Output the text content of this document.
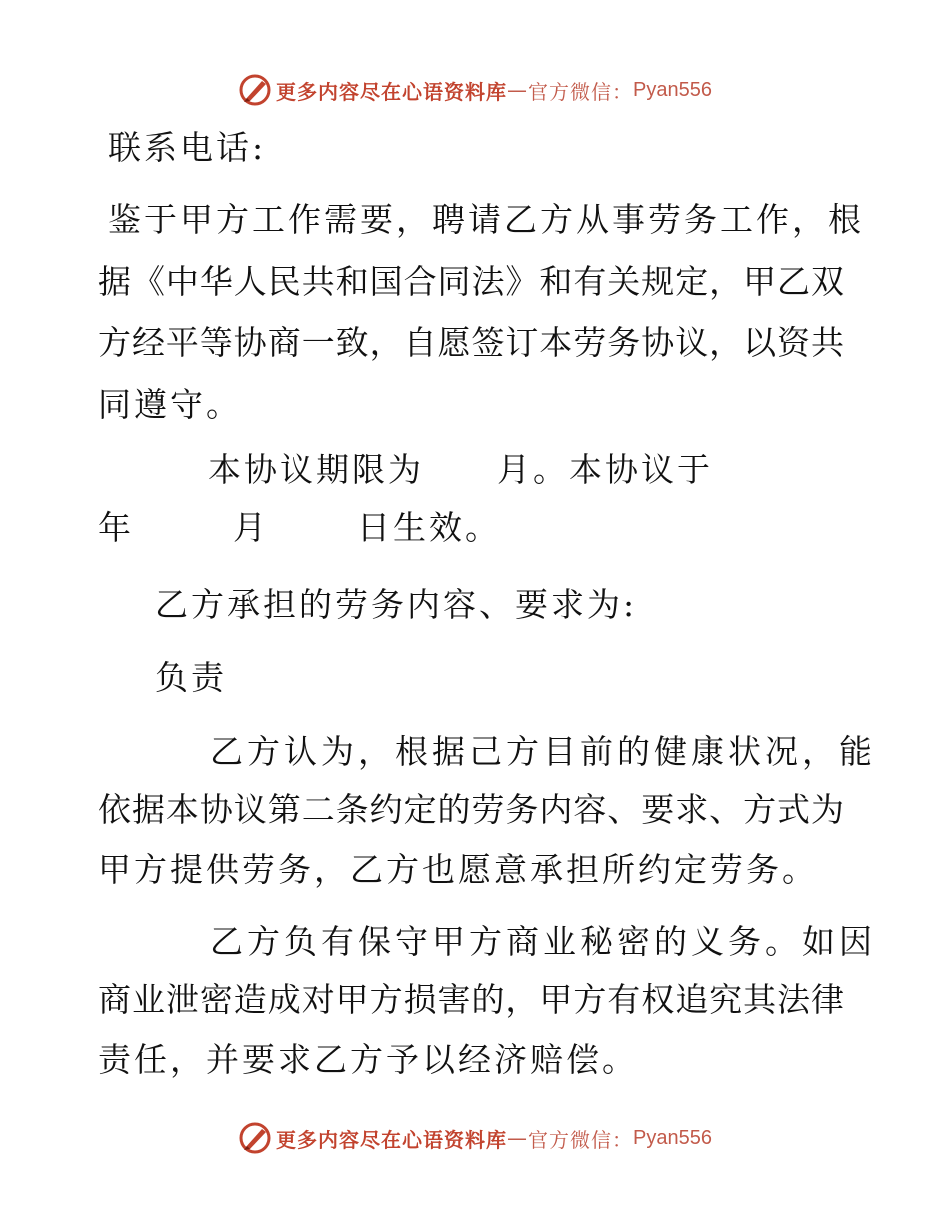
更多内容尽在心语资料库 — 官方微信： Pyan556
联系电话:
鉴于甲方工作需要，聘请乙方从事劳务工作，根
据《中华人民共和国合同法》和有关规定，甲乙双
方经平等协商一致，自愿签订本劳务协议，以资共
同遵守。
本协议期限为 月。本协议于
年	月	日生效。
乙方承担的劳务内容、要求为:
负责
乙方认为，根据己方目前的健康状况，能
依据本协议第二条约定的劳务内容、要求、方式为
甲方提供劳务，乙方也愿意承担所约定劳务。
乙方负有保守甲方商业秘密的义务。如因
商业泄密造成对甲方损害的，甲方有权追究其法律
责任，并要求乙方予以经济赔偿。
更多内容尽在心语资料库 — 官方微信： Pyan556
